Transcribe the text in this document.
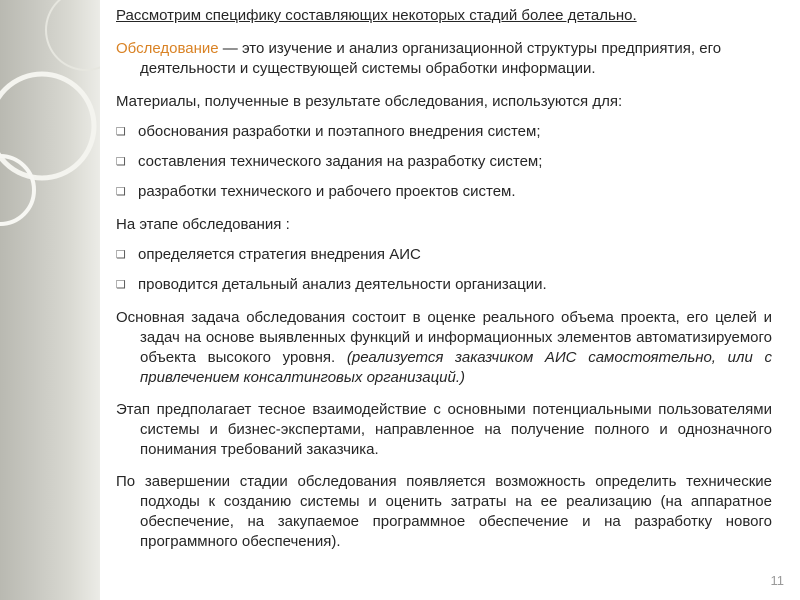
Рассмотрим специфику составляющих некоторых стадий более детально.

Обследование — это изучение и анализ организационной структуры предприятия, его деятельности и существующей системы обработки информации.

Материалы, полученные в результате обследования, используются для:

❑ обоснования разработки и поэтапного внедрения систем;
❑ составления технического задания на разработку систем;
❑ разработки технического и рабочего проектов систем.

На этапе обследования :

❑ определяется стратегия внедрения АИС
❑ проводится детальный анализ деятельности организации.

Основная задача обследования состоит в оценке реального объема проекта, его целей и задач на основе выявленных функций и информационных элементов автоматизируемого объекта высокого уровня. (реализуется заказчиком АИС самостоятельно, или с привлечением консалтинговых организаций.)

Этап предполагает тесное взаимодействие с основными потенциальными пользователями системы и бизнес-экспертами, направленное на получение полного и однозначного понимания требований заказчика.

По завершении стадии обследования появляется возможность определить технические подходы к созданию системы и оценить затраты на ее реализацию (на аппаратное обеспечение, на закупаемое программное обеспечение и на разработку нового программного обеспечения).

11
